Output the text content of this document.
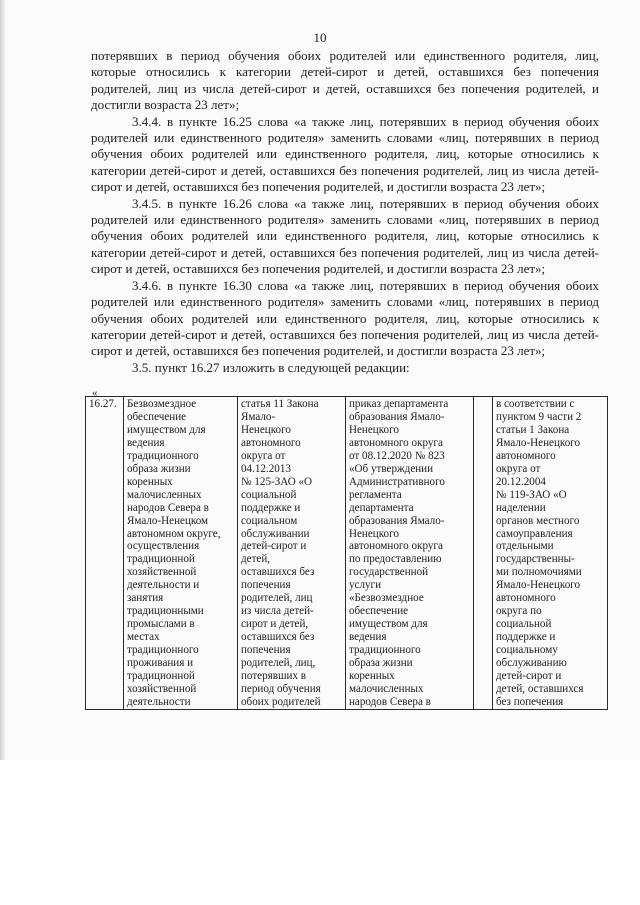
10

потерявших в период обучения обоих родителей или единственного родителя, лиц, которые относились к категории детей-сирот и детей, оставшихся без попечения родителей, лиц из числа детей-сирот и детей, оставшихся без попечения родителей, и достигли возраста 23 лет»;

3.4.4. в пункте 16.25 слова «а также лиц, потерявших в период обучения обоих родителей или единственного родителя» заменить словами «лиц, потерявших в период обучения обоих родителей или единственного родителя, лиц, которые относились к категории детей-сирот и детей, оставшихся без попечения родителей, лиц из числа детей-сирот и детей, оставшихся без попечения родителей, и достигли возраста 23 лет»;

3.4.5. в пункте 16.26 слова «а также лиц, потерявших в период обучения обоих родителей или единственного родителя» заменить словами «лиц, потерявших в период обучения обоих родителей или единственного родителя, лиц, которые относились к категории детей-сирот и детей, оставшихся без попечения родителей, лиц из числа детей-сирот и детей, оставшихся без попечения родителей, и достигли возраста 23 лет»;

3.4.6. в пункте 16.30 слова «а также лиц, потерявших в период обучения обоих родителей или единственного родителя» заменить словами «лиц, потерявших в период обучения обоих родителей или единственного родителя, лиц, которые относились к категории детей-сирот и детей, оставшихся без попечения родителей, лиц из числа детей-сирот и детей, оставшихся без попечения родителей, и достигли возраста 23 лет»;

3.5. пункт 16.27 изложить в следующей редакции:

«
16.27.	Безвозмездное
обеспечение
имуществом для
ведения
традиционного
образа жизни
коренных
малочисленных
народов Севера в
Ямало-Ненецком
автономном округе,
осуществления
традиционной
хозяйственной
деятельности и
занятия
традиционными
промыслами в
местах
традиционного
проживания и
традиционной
хозяйственной
деятельности

статья 11 Закона
Ямало-
Ненецкого
автономного
округа от
04.12.2013
№ 125-ЗАО «О
социальной
поддержке и
социальном
обслуживании
детей-сирот и
детей,
оставшихся без
попечения
родителей, лиц
из числа детей-
сирот и детей,
оставшихся без
попечения
родителей, лиц,
потерявших в
период обучения
обоих родителей

приказ департамента
образования Ямало-
Ненецкого
автономного округа
от 08.12.2020 № 823
«Об утверждении
Административного
регламента
департамента
образования Ямало-
Ненецкого
автономного округа
по предоставлению
государственной
услуги
«Безвозмездное
обеспечение
имуществом для
ведения
традиционного
образа жизни
коренных
малочисленных
народов Севера в

в соответствии с
пунктом 9 части 2
статьи 1 Закона
Ямало-Ненецкого
автономного
округа от
20.12.2004
№ 119-ЗАО «О
наделении
органов местного
самоуправления
отдельными
государственны-
ми полномочиями
Ямало-Ненецкого
автономного
округа по
социальной
поддержке и
социальному
обслуживанию
детей-сирот и
детей, оставшихся
без попечения
